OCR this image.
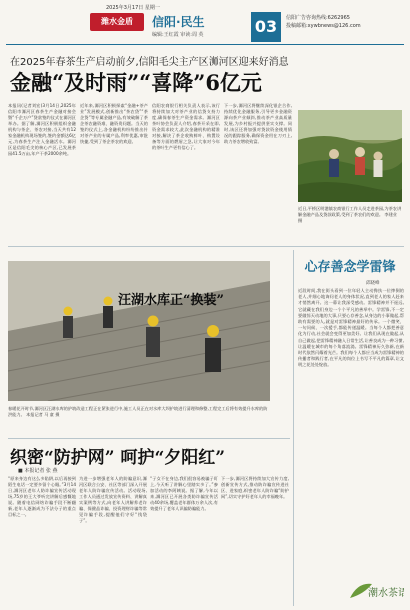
2025年3月17日 星期一
潍水金盾	信阳·民生
编辑:王红霞 审读:周 英	03	信阳广告咨询热线:6262965
投稿邮箱:xywbnews@126.com
在2025年春茶生产启动前夕,信阳毛尖主产区浉河区迎来好消息
金融“及时雨”“喜降”6亿元
本报讯(记者刘宏)3月14日,2025年信阳市浉河区春茶生产金融对接会暨“千企万户”贷款签约仪式在浉河区举办。据了解,浉河区积极组织金融机构与茶企、茶农对接,当天共有12家金融机构现场签约,签约金额达6亿元,为春茶生产注入金融活水。浉河区是信阳毛尖的核心产区,已发展茶园41.5万亩,年产干茶2000余吨。
近年来,浉河区积极探索“金融+茶产业”发展模式,创新推出“茶农贷”“茶企贷”等专属金融产品,有效破解了茶企茶农融资难、融资贵问题。当天的签约仪式上,各金融机构纷纷推出针对茶产业的专属产品,利率优惠,审批快捷,受到了茶企茶农的欢迎。
信阳农商银行相关负责人表示,该行将持续加大对茶产业的信贷支持力度,确保春茶生产资金需求。浉河区茶叶协会负责人介绍,春茶开采在即,资金需求较大,此次金融机构的精准对接,解决了茶企收购鲜叶、购置设备等方面的燃眉之急,让大家对今年的茶叶生产更有信心了。
下一步,浉河区将继续深化银企合作,持续优化金融服务,引导更多金融资源向茶产业倾斜,推动茶产业高质量发展,为乡村振兴提供坚实支撑。同时,该区还将加强对贷款资金使用情况的跟踪服务,确保资金用在刀刃上,助力茶农增收致富。
近日,平桥区明港镇农商银行工作人员走进茶园,为茶农讲解金融产品及贷款政策,受到了茶农们的欢迎。 李建业 摄
汪湖水库正“换装”
春暖花开时节,浉河区汪湖水库的护坡改造工程正在紧张进行中,施工人员正在对水库大坝护坡进行清理和修整,工程完工后将有效提升水库的防洪能力。 本报记者 马 童 摄
心存善念学雷锋
邱晓峰
近段时间,我在街头看到一位年轻人主动搀扶一位摔倒的老人,并细心地询问老人的身体状况,直到老人的家人赶来才悄然离开。这一幕让我深受感动。雷锋精神并不遥远,它就藏在我们身边一个个平凡的善举中。学雷锋,不一定要做惊天动地的大事,只要心存善念,从身边的小事做起,帮助有需要的人,就是对雷锋精神最好的传承。一个微笑、一句问候、一次援手,都能传递温暖。当每个人都把善意化为行动,社会就会变得更加美好。让我们从现在做起,从自己做起,把雷锋精神融入日常生活,让善良成为一种习惯,让温暖在城市的每个角落流淌。雷锋精神历久弥新,在新时代依然闪耀着光芒。我们每个人都应当成为雷锋精神的传播者和践行者,在平凡的岗位上书写不平凡的篇章,让文明之花处处绽放。
潮水茶语
织密“防护网” 呵护“夕阳红”
■ 本报记者 张 燕
“原来身边有这么多陷阱,以后再接到陌生电话一定要多留个心眼。”3月14日,浉河区老年人防诈骗宣传活动现场,75岁的王大爷听完讲解后感慨地说。随着电信网络诈骗手段不断翻新,老年人逐渐成为不法分子的重点目标之一。
为进一步增强老年人的防骗意识,浉河区联合公安、社区等部门深入开展老年人防诈骗宣传活动。活动现场,工作人员通过发放宣传资料、讲解真实案例等方式,向老年人讲解养老诈骗、保健品诈骗、投资理财诈骗等常见诈骗手段,提醒他们守好“钱袋子”。
“子女不在身边,我们很容易被骗子盯上,今天听了讲解心里踏实多了。”参加活动的李阿姨说。据了解,今年以来,浉河区已开展各类防诈骗宣传活动40余场,覆盖老年群体万余人次,有效提升了老年人识骗防骗能力。
下一步,浉河区将持续加大宣传力度,创新宣传方式,推动防诈骗宣传进社区、进家庭,织密老年人防诈骗“防护网”,切实守护好老年人的幸福晚年。
